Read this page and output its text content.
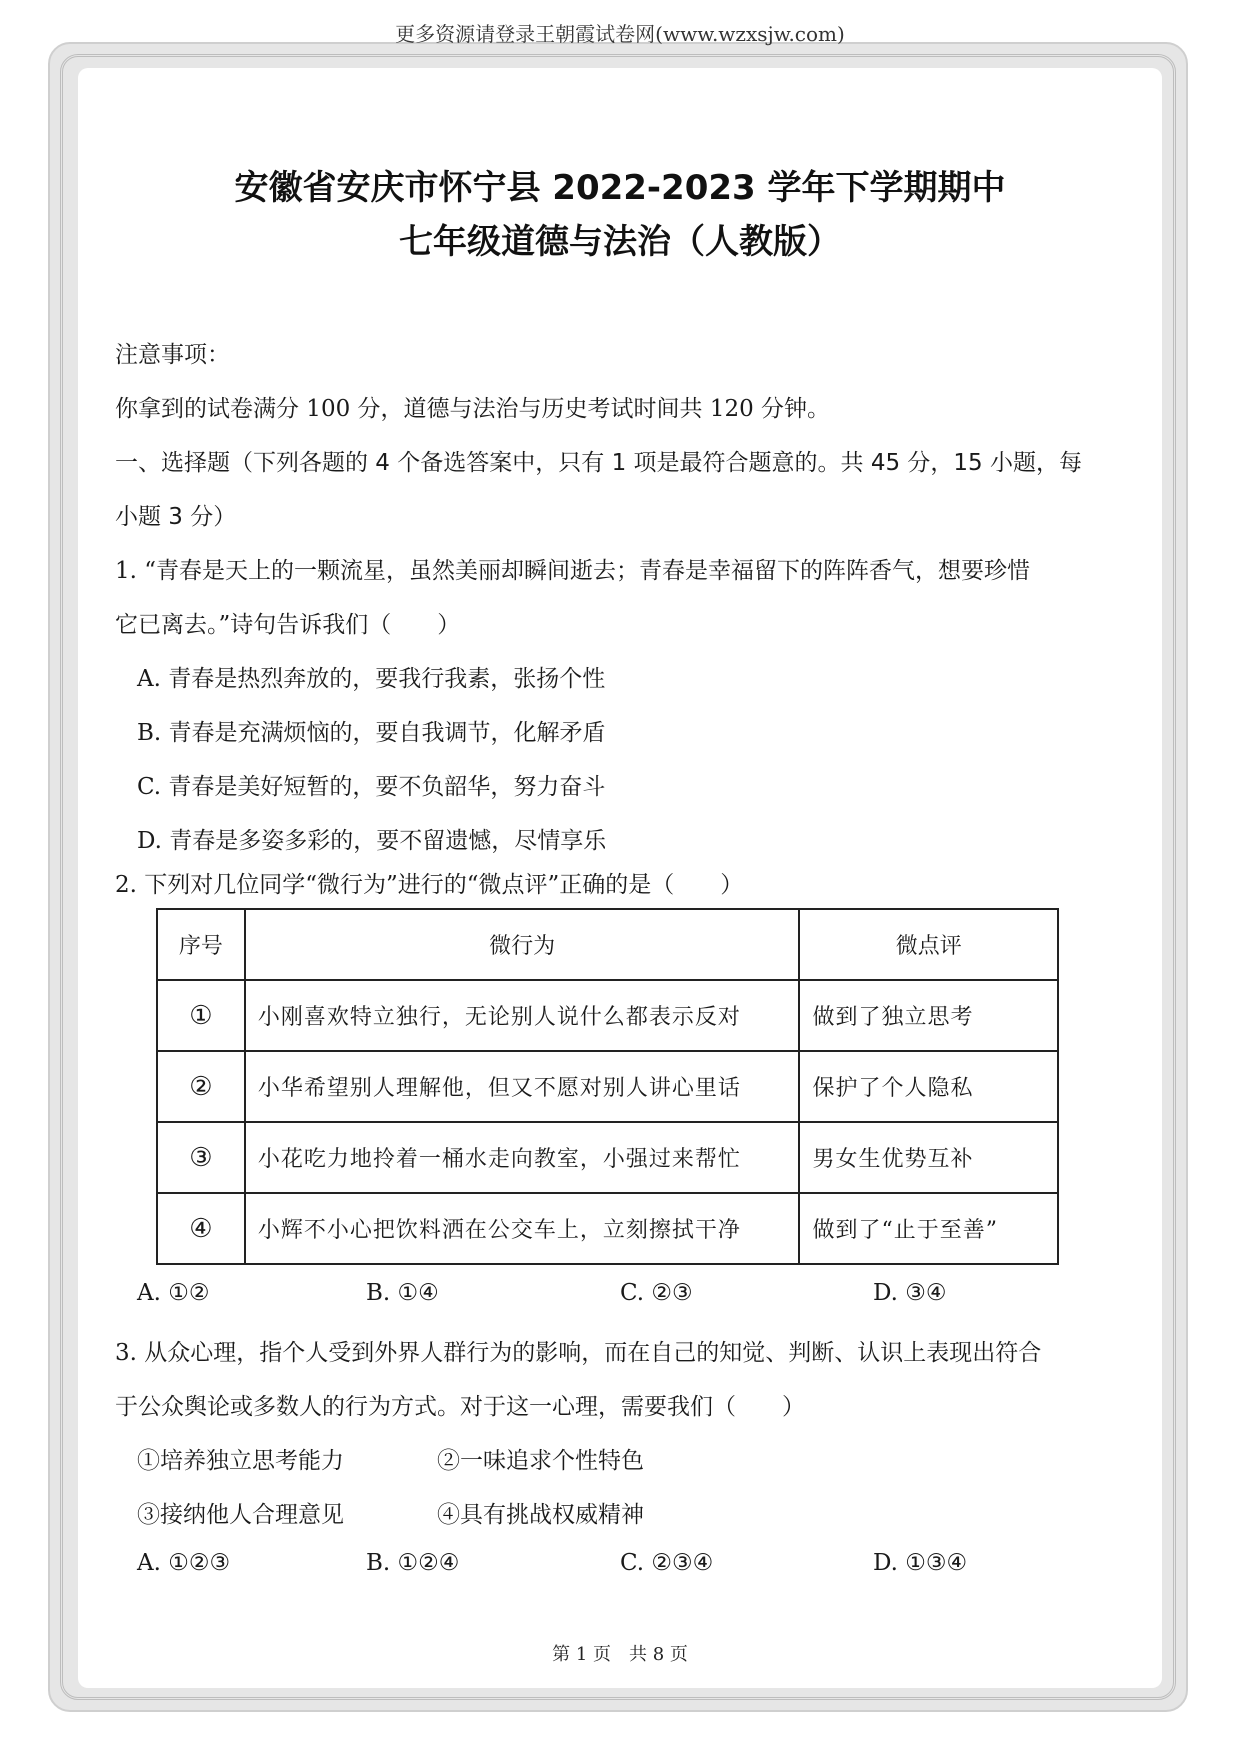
更多资源请登录王朝霞试卷网(www.wzxsjw.com)
安徽省安庆市怀宁县 2022-2023 学年下学期期中
七年级道德与法治（人教版）
注意事项：
你拿到的试卷满分 100 分，道德与法治与历史考试时间共 120 分钟。
一、选择题（下列各题的 4 个备选答案中，只有 1 项是最符合题意的。共 45 分，15 小题，每
小题 3 分）
1. “青春是天上的一颗流星，虽然美丽却瞬间逝去；青春是幸福留下的阵阵香气，想要珍惜
它已离去。”诗句告诉我们（　　）
A. 青春是热烈奔放的，要我行我素，张扬个性
B. 青春是充满烦恼的，要自我调节，化解矛盾
C. 青春是美好短暂的，要不负韶华，努力奋斗
D. 青春是多姿多彩的，要不留遗憾，尽情享乐
2. 下列对几位同学“微行为”进行的“微点评”正确的是（　　）
序号	微行为	微点评
①	小刚喜欢特立独行，无论别人说什么都表示反对	做到了独立思考
②	小华希望别人理解他，但又不愿对别人讲心里话	保护了个人隐私
③	小花吃力地拎着一桶水走向教室，小强过来帮忙	男女生优势互补
④	小辉不小心把饮料洒在公交车上，立刻擦拭干净	做到了“止于至善”
A. ①②	B. ①④	C. ②③	D. ③④
3. 从众心理，指个人受到外界人群行为的影响，而在自己的知觉、判断、认识上表现出符合
于公众舆论或多数人的行为方式。对于这一心理，需要我们（　　）
①培养独立思考能力	②一味追求个性特色
③接纳他人合理意见	④具有挑战权威精神
A. ①②③	B. ①②④	C. ②③④	D. ①③④
第 1 页　共 8 页
